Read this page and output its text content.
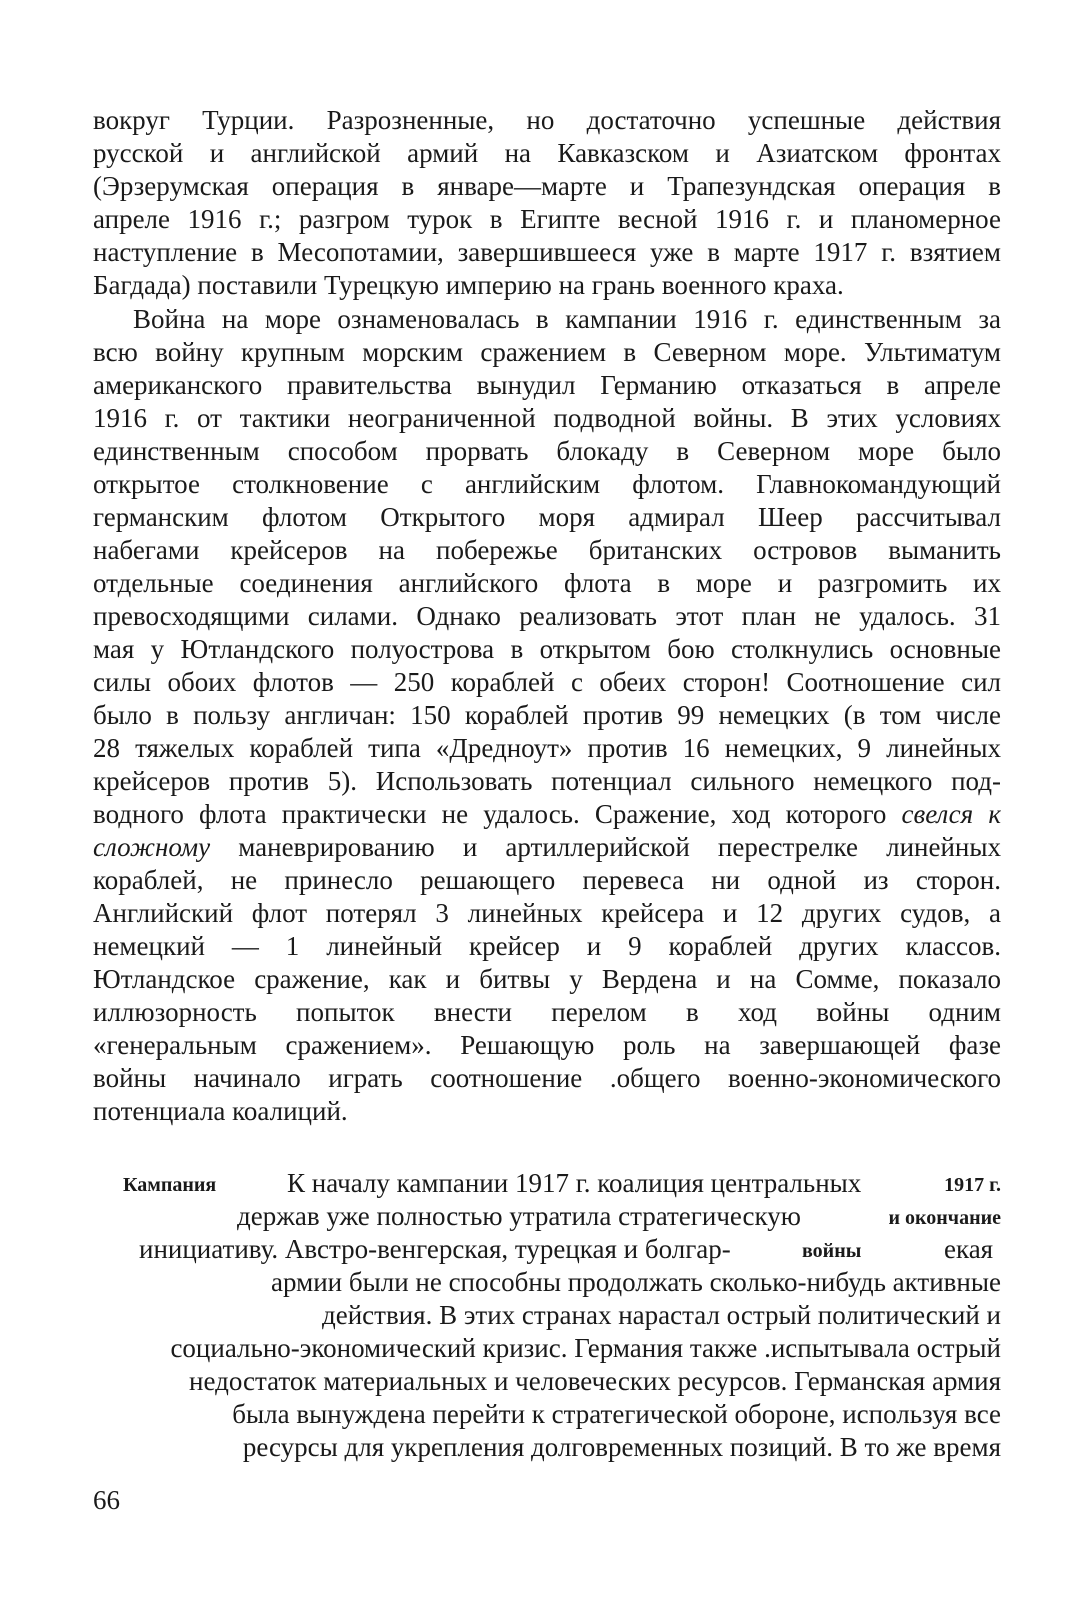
вокруг Турции. Разрозненные, но достаточно успешные действия
русской и английской армий на Кавказском и Азиатском фронтах
(Эрзерумская операция в январе—марте и Трапезундская операция в
апреле 1916 г.; разгром турок в Египте весной 1916 г. и планомерное
наступление в Месопотамии, завершившееся уже в марте 1917 г. взятием
Багдада) поставили Турецкую империю на грань военного краха.
Война на море ознаменовалась в кампании 1916 г. единственным за
всю войну крупным морским сражением в Северном море. Ультиматум
американского правительства вынудил Германию отказаться в апреле
1916 г. от тактики неограниченной подводной войны. В этих условиях
единственным способом прорвать блокаду в Северном море было
открытое столкновение с английским флотом. Главнокомандующий
германским флотом Открытого моря адмирал Шеер рассчитывал
набегами крейсеров на побережье британских островов выманить
отдельные соединения английского флота в море и разгромить их
превосходящими силами. Однако реализовать этот план не удалось. 31
мая у Ютландского полуострова в открытом бою столкнулись основные
силы обоих флотов — 250 кораблей с обеих сторон! Соотношение сил
было в пользу англичан: 150 кораблей против 99 немецких (в том числе
28 тяжелых кораблей типа «Дредноут» против 16 немецких, 9 линейных
крейсеров против 5). Использовать потенциал сильного немецкого под-
водного флота практически не удалось. Сражение, ход которого свелся к
сложному маневрированию и артиллерийской перестрелке линейных
кораблей, не принесло решающего перевеса ни одной из сторон.
Английский флот потерял 3 линейных крейсера и 12 других судов, а
немецкий — 1 линейный крейсер и 9 кораблей других классов.
Ютландское сражение, как и битвы у Вердена и на Сомме, показало
иллюзорность попыток внести перелом в ход войны одним
«генеральным сражением». Решающую роль на завершающей фазе
войны начинало играть соотношение .общего военно-экономического
потенциала коалиций.
Кампания	1917 г.
и окончание
войны
К началу кампании 1917 г. коалиция центральных
держав уже полностью утратила стратегическую
инициативу. Австро-венгерская, турецкая и болгар-	екая
армии были не способны продолжать сколько-нибудь активные
действия. В этих странах нарастал острый политический и
социально-экономический кризис. Германия также .испытывала острый
недостаток материальных и человеческих ресурсов. Германская армия
была вынуждена перейти к стратегической обороне, используя все
ресурсы для укрепления долговременных позиций. В то же время
66
